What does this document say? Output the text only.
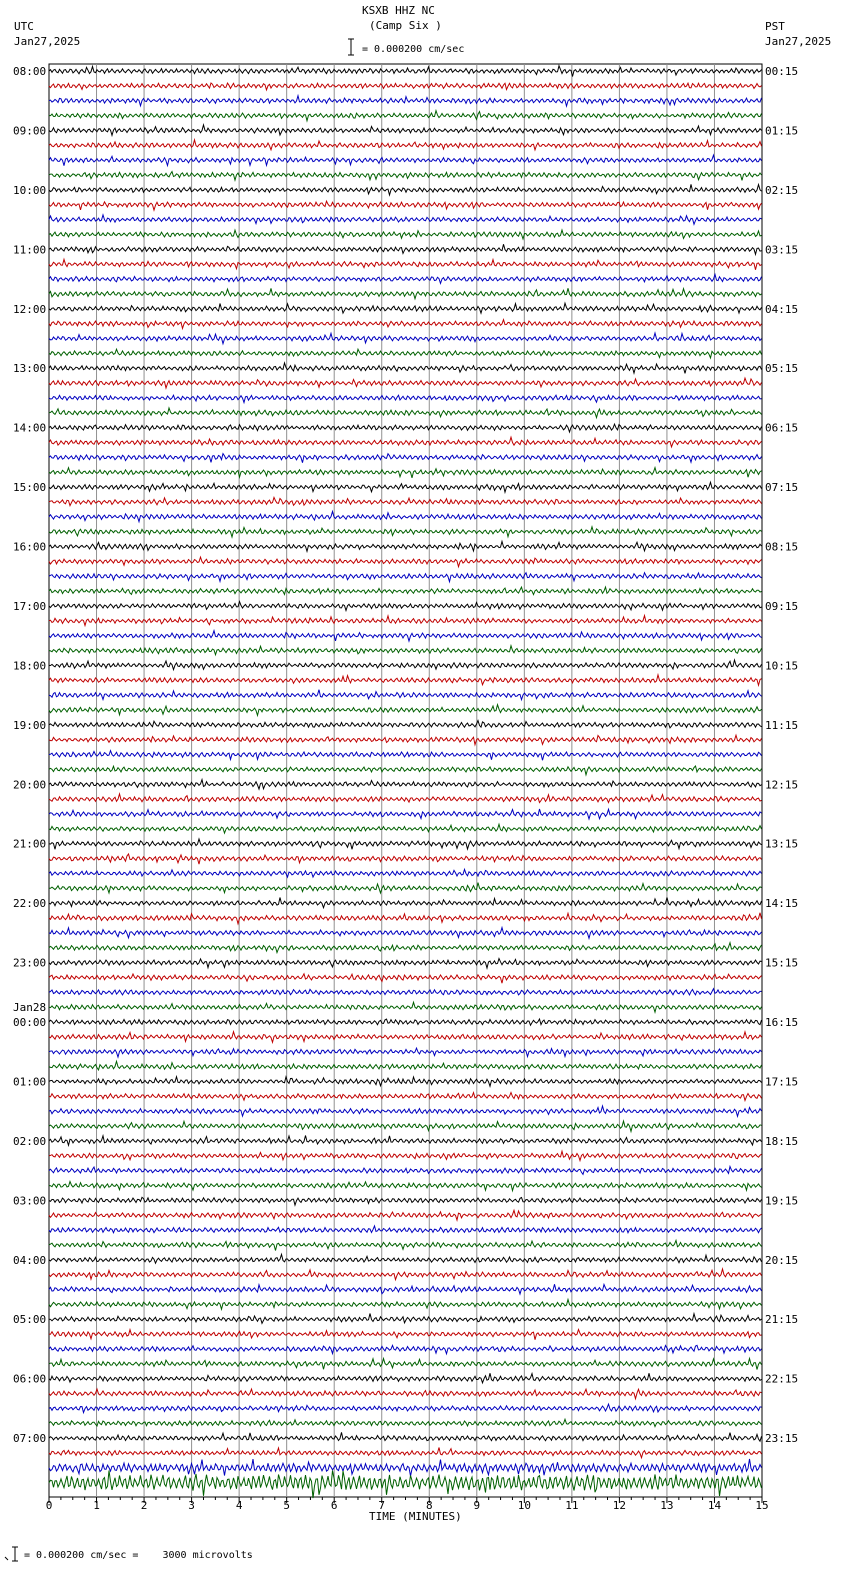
KSXB HHZ NC
(Camp Six )
= 0.000200 cm/sec
UTC
Jan27,2025
PST
Jan27,2025
08:00	00:15
09:00	01:15
10:00	02:15
11:00	03:15
12:00	04:15
13:00	05:15
14:00	06:15
15:00	07:15
16:00	08:15
17:00	09:15
18:00	10:15
19:00	11:15
20:00	12:15
21:00	13:15
22:00	14:15
23:00	15:15
00:00	16:15
01:00	17:15
02:00	18:15
03:00	19:15
04:00	20:15
05:00	21:15
06:00	22:15
07:00	23:15
Jan28
0	1	2	3	4	5	6	7	8	9	10	11	12	13	14	15
TIME (MINUTES)
= 0.000200 cm/sec =    3000 microvolts
